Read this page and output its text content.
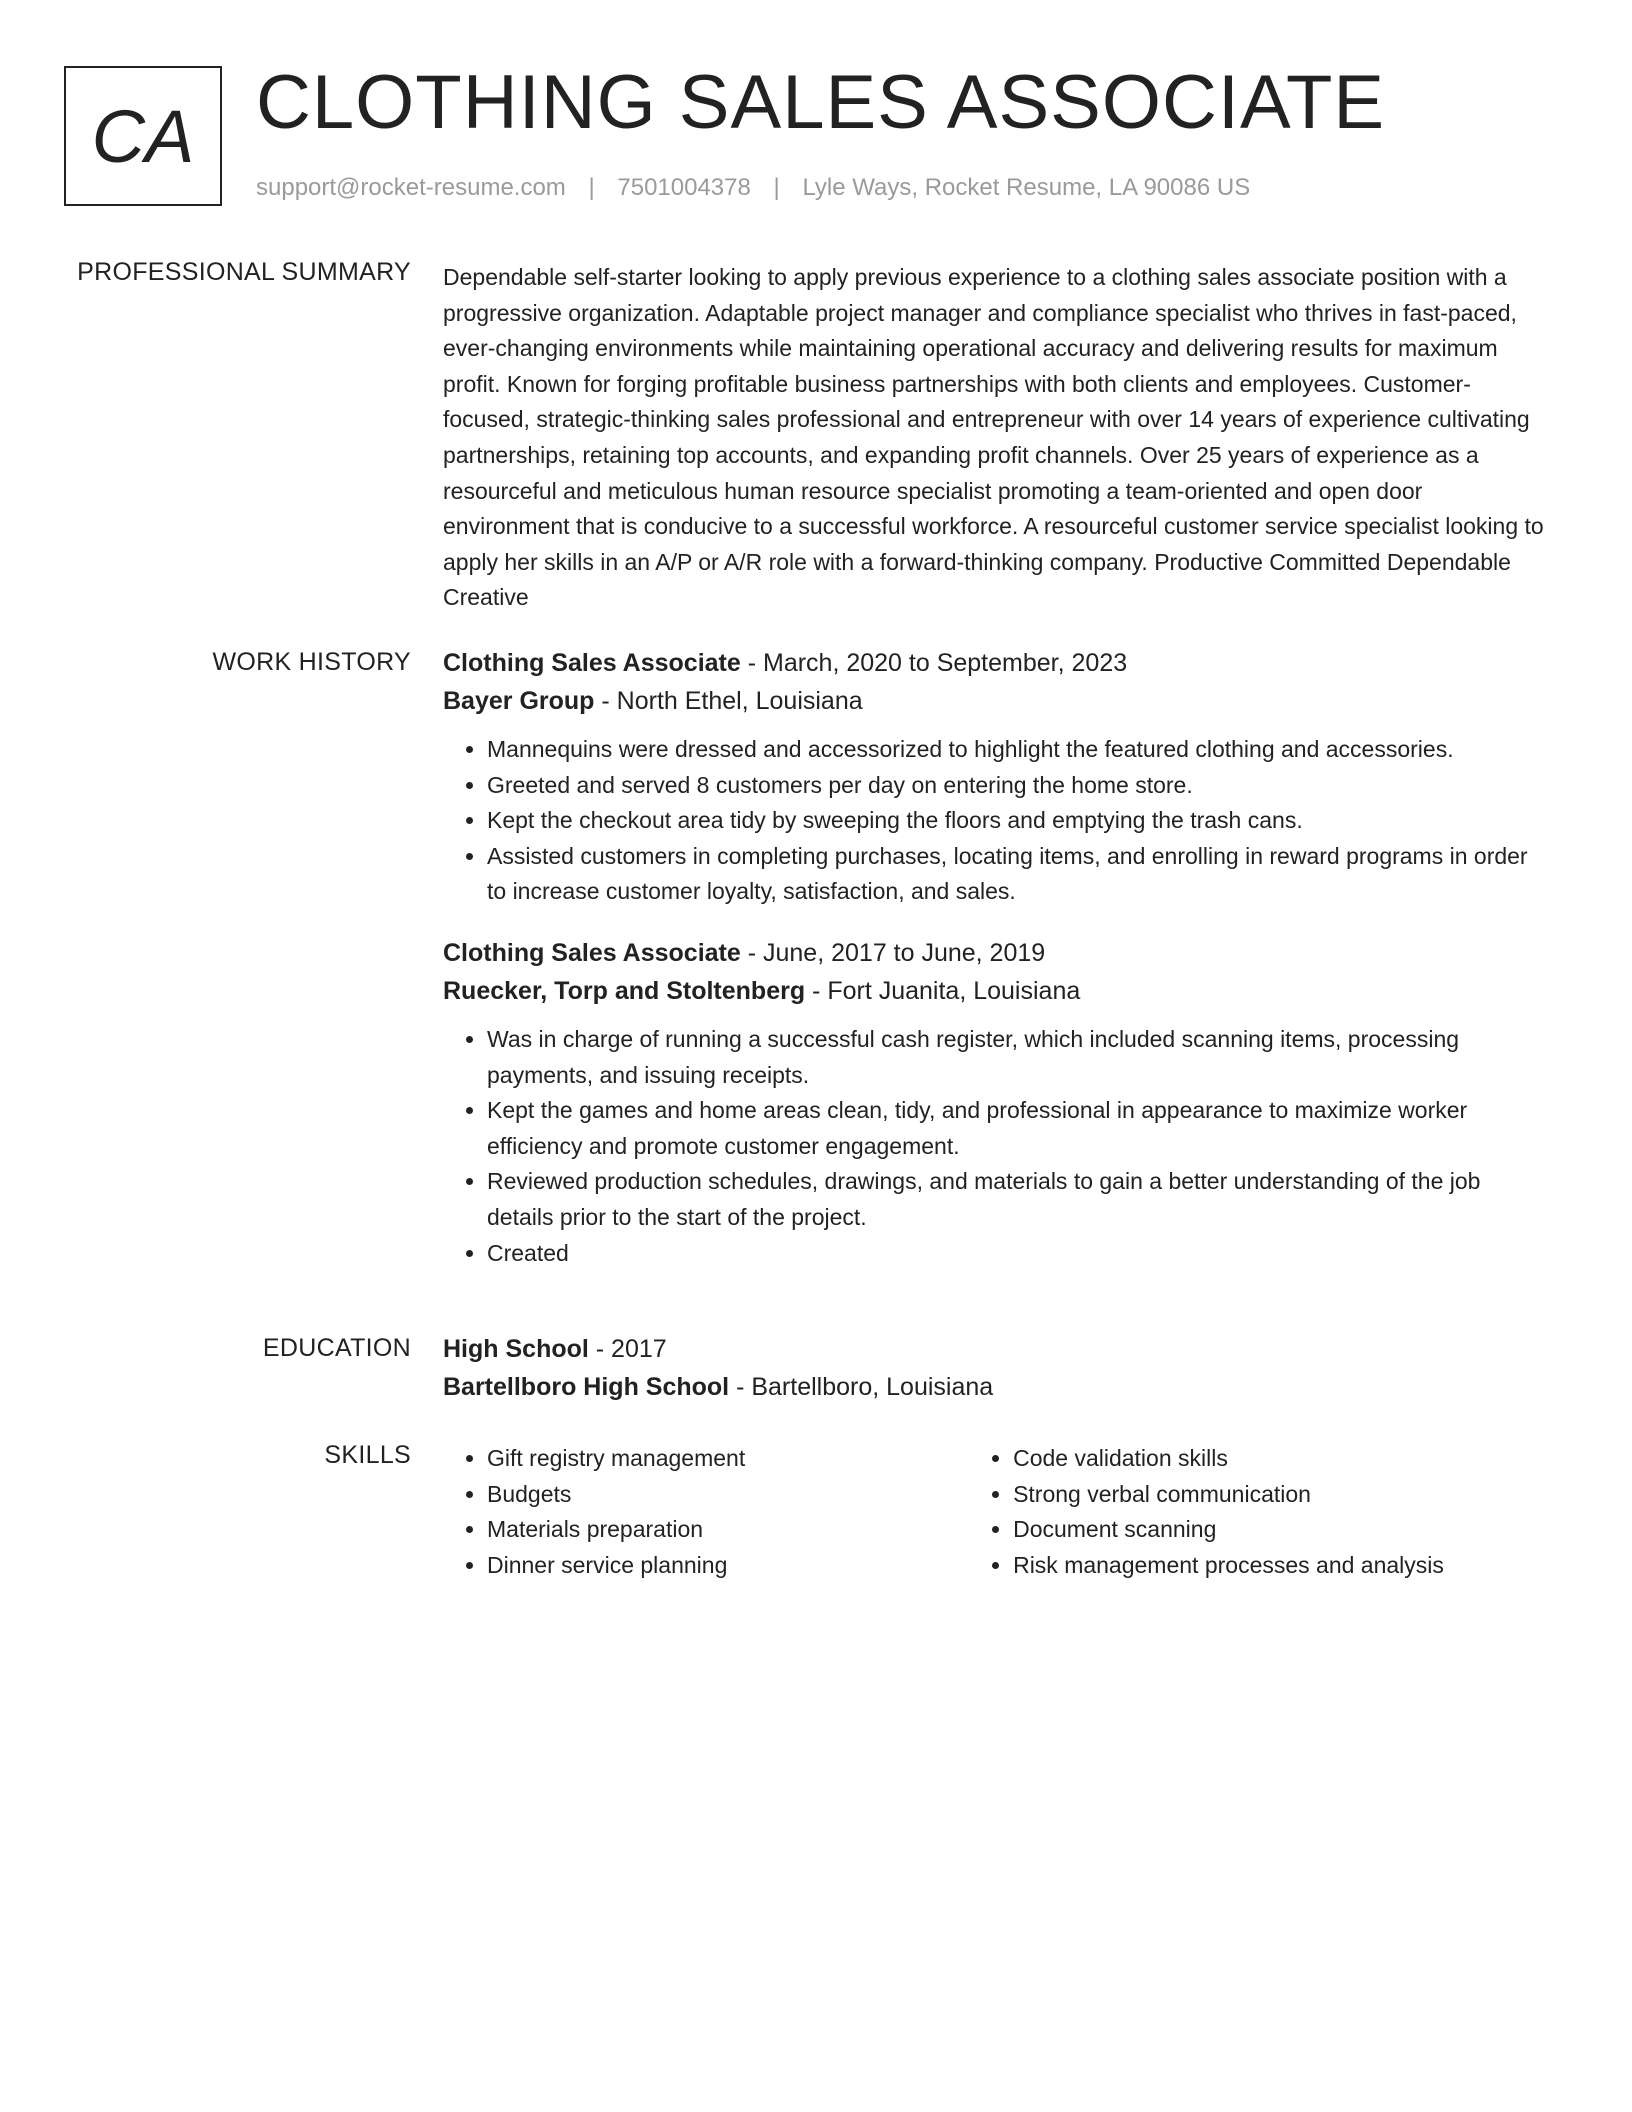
CA CLOTHING SALES ASSOCIATE
support@rocket-resume.com | 7501004378 | Lyle Ways, Rocket Resume, LA 90086 US
PROFESSIONAL SUMMARY Dependable self-starter looking to apply previous experience to a clothing sales associate position with a progressive organization. Adaptable project manager and compliance specialist who thrives in fast-paced, ever-changing environments while maintaining operational accuracy and delivering results for maximum profit. Known for forging profitable business partnerships with both clients and employees. Customer-focused, strategic-thinking sales professional and entrepreneur with over 14 years of experience cultivating partnerships, retaining top accounts, and expanding profit channels. Over 25 years of experience as a resourceful and meticulous human resource specialist promoting a team-oriented and open door environment that is conducive to a successful workforce. A resourceful customer service specialist looking to apply her skills in an A/P or A/R role with a forward-thinking company. Productive Committed Dependable Creative

WORK HISTORY Clothing Sales Associate - March, 2020 to September, 2023
Bayer Group - North Ethel, Louisiana
• Mannequins were dressed and accessorized to highlight the featured clothing and accessories.
• Greeted and served 8 customers per day on entering the home store.
• Kept the checkout area tidy by sweeping the floors and emptying the trash cans.
• Assisted customers in completing purchases, locating items, and enrolling in reward programs in order to increase customer loyalty, satisfaction, and sales.
Clothing Sales Associate - June, 2017 to June, 2019
Ruecker, Torp and Stoltenberg - Fort Juanita, Louisiana
• Was in charge of running a successful cash register, which included scanning items, processing payments, and issuing receipts.
• Kept the games and home areas clean, tidy, and professional in appearance to maximize worker efficiency and promote customer engagement.
• Reviewed production schedules, drawings, and materials to gain a better understanding of the job details prior to the start of the project.
• Created
EDUCATION High School - 2017
Bartellboro High School - Bartellboro, Louisiana
SKILLS
•	Gift registry management
• Budgets
• Materials preparation
• Dinner service planning
• Code validation skills
• Strong verbal communication
• Document scanning
• Risk management processes and analysis
